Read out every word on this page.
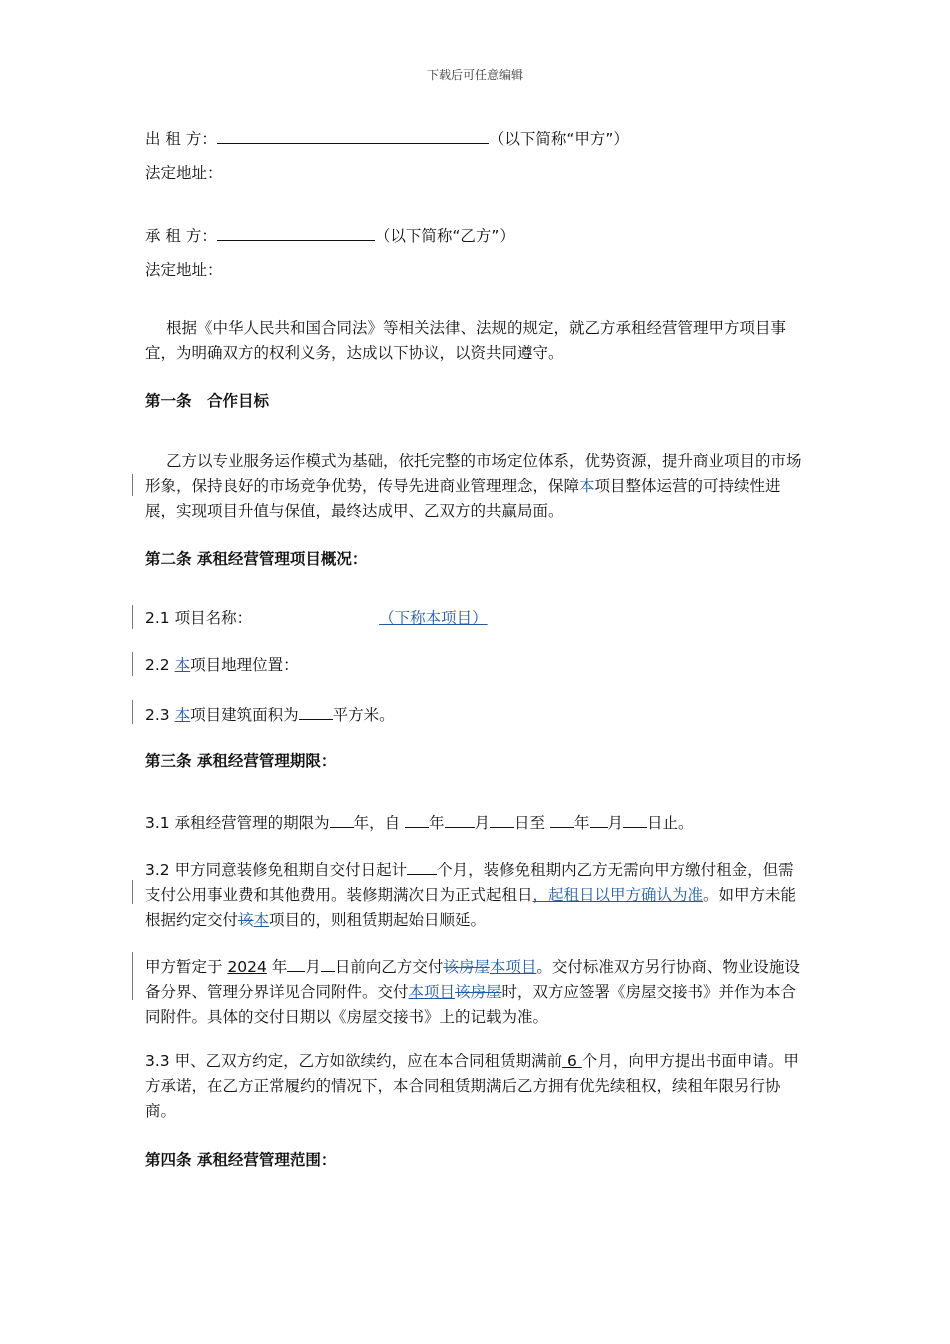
下载后可任意编辑
出 租 方：	（以下简称“甲方”）
法定地址：
承 租 方：	（以下简称“乙方”）
法定地址：
根据《中华人民共和国合同法》等相关法律、法规的规定，就乙方承租经营管理甲方项目事宜，为明确双方的权利义务，达成以下协议，以资共同遵守。
第一条　合作目标
乙方以专业服务运作模式为基础，依托完整的市场定位体系，优势资源，提升商业项目的市场形象，保持良好的市场竞争优势，传导先进商业管理理念，保障本项目整体运营的可持续性进展，实现项目升值与保值，最终达成甲、乙双方的共赢局面。
第二条 承租经营管理项目概况：
2.1 项目名称：	（下称本项目）
2.2 本项目地理位置：
2.3 本项目建筑面积为 平方米。
第三条 承租经营管理期限：
3.1 承租经营管理的期限为 年，自 年 月 日至 年 月 日止。
3.2 甲方同意装修免租期自交付日起计 个月，装修免租期内乙方无需向甲方缴付租金，但需支付公用事业费和其他费用。装修期满次日为正式起租日，起租日以甲方确认为准。如甲方未能根据约定交付该本项目的，则租赁期起始日顺延。
甲方暂定于 2024 年 月 日前向乙方交付该房屋本项目。交付标准双方另行协商、物业设施设备分界、管理分界详见合同附件。交付本项目该房屋时，双方应签署《房屋交接书》并作为本合同附件。具体的交付日期以《房屋交接书》上的记载为准。
3.3 甲、乙双方约定，乙方如欲续约，应在本合同租赁期满前 6 个月，向甲方提出书面申请。甲方承诺，在乙方正常履约的情况下，本合同租赁期满后乙方拥有优先续租权，续租年限另行协商。
第四条 承租经营管理范围：
